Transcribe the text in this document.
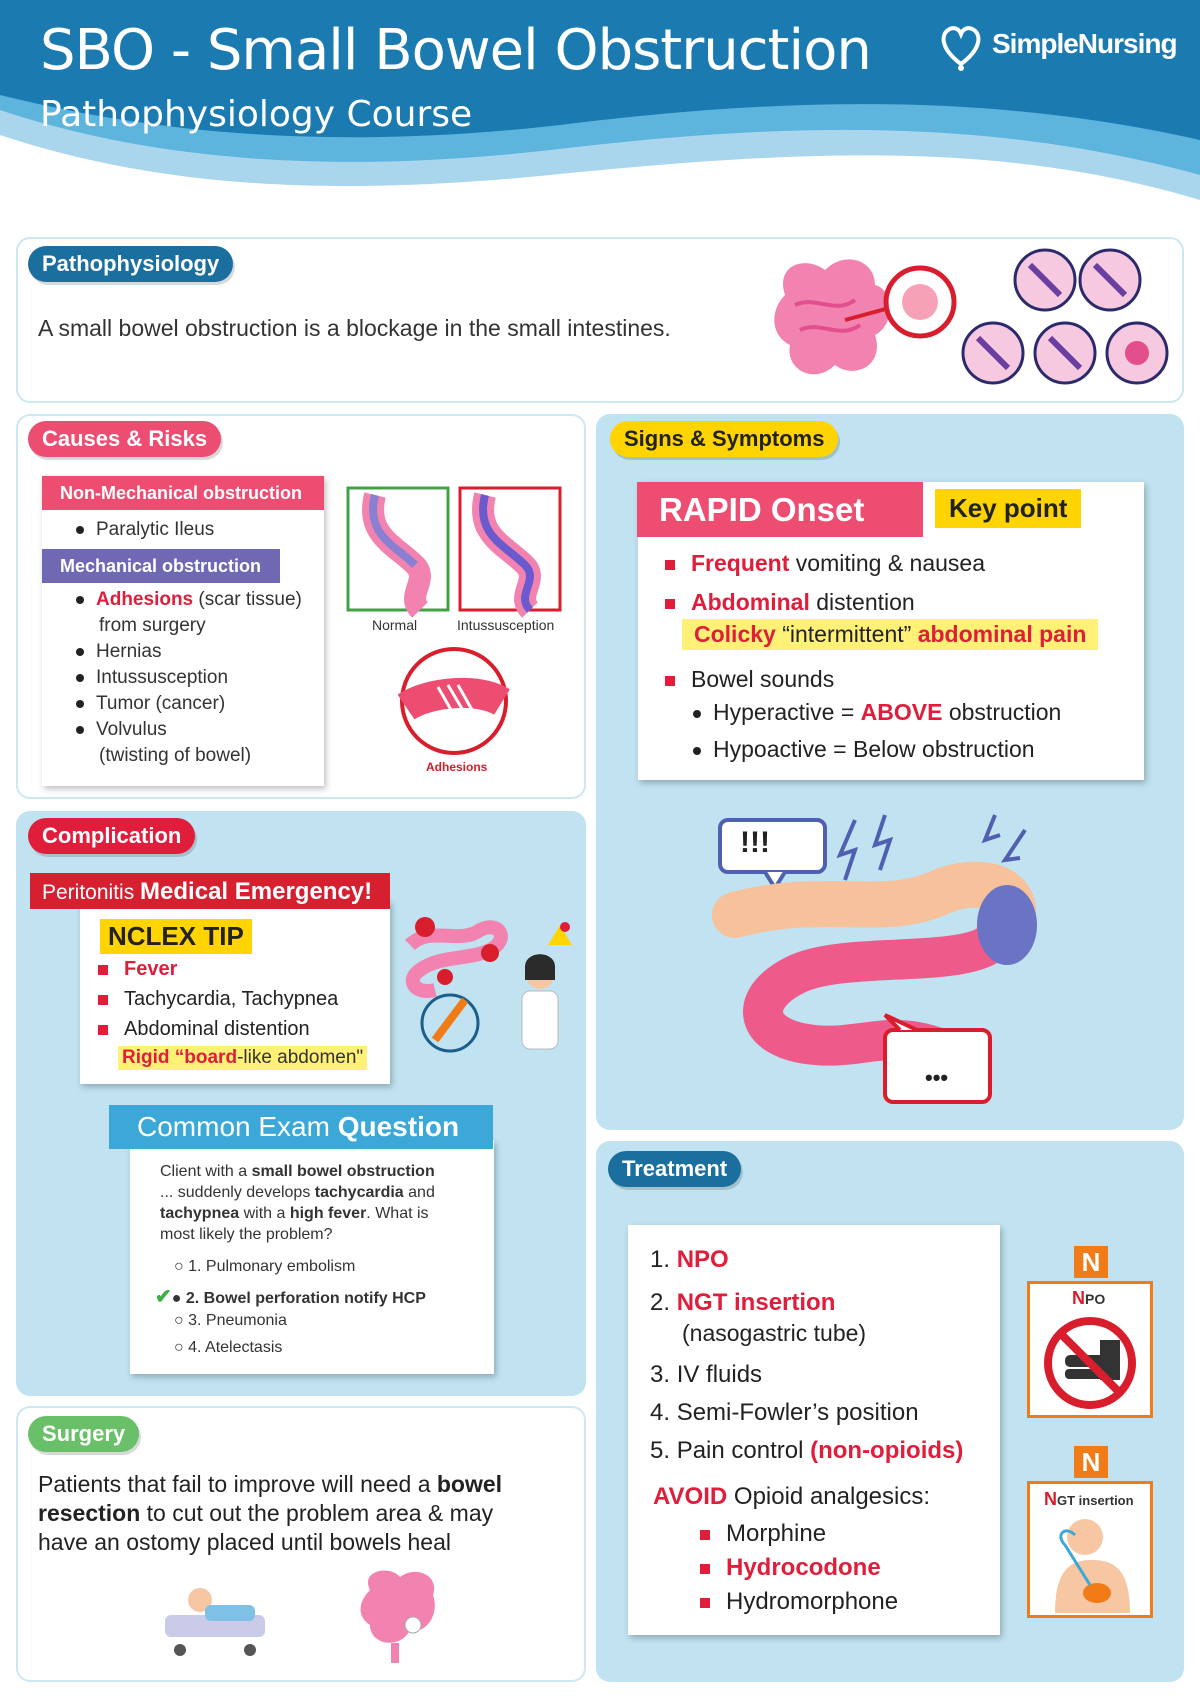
SBO - Small Bowel Obstruction
Pathophysiology Course
SimpleNursing
Pathophysiology
A small bowel obstruction is a blockage in the small intestines.
Causes & Risks
Non-Mechanical obstruction
Paralytic Ileus
Mechanical obstruction
Adhesions (scar tissue)
from surgery
Hernias
Intussusception
Tumor (cancer)
Volvulus
(twisting of bowel)
Normal	Intussusception
Adhesions
Complication
Peritonitis Medical Emergency!
NCLEX TIP
Fever
Tachycardia, Tachypnea
Abdominal distention
Rigid “board-like abdomen"
Common Exam Question
Client with a small bowel obstruction
... suddenly develops tachycardia and
tachypnea with a high fever. What is
most likely the problem?
○ 1. Pulmonary embolism
✔● 2. Bowel perforation notify HCP
○ 3. Pneumonia
○ 4. Atelectasis
Surgery
Patients that fail to improve will need a bowel
resection to cut out the problem area & may
have an ostomy placed until bowels heal
Signs & Symptoms
RAPID Onset	Key point
Frequent vomiting & nausea
Abdominal distention
Colicky “intermittent” abdominal pain
Bowel sounds
Hyperactive = ABOVE obstruction
Hypoactive = Below obstruction
!!!
•••
Treatment
1. NPO
2. NGT insertion
(nasogastric tube)
3. IV fluids
4. Semi-Fowler’s position
5. Pain control (non-opioids)
AVOID Opioid analgesics:
Morphine
Hydrocodone
Hydromorphone
N
NPO
N
NGT insertion
